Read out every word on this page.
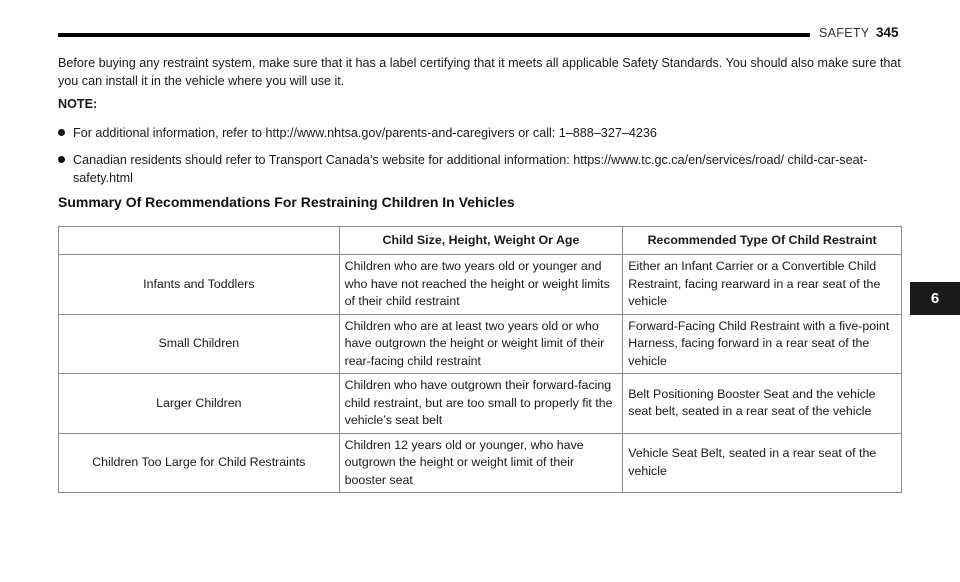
SAFETY 345
Before buying any restraint system, make sure that it has a label certifying that it meets all applicable Safety Standards. You should also make sure that you can install it in the vehicle where you will use it.
NOTE:
For additional information, refer to http://www.nhtsa.gov/parents-and-caregivers or call: 1–888–327–4236
Canadian residents should refer to Transport Canada’s website for additional information: https://www.tc.gc.ca/en/services/road/ child-car-seat-safety.html
Summary Of Recommendations For Restraining Children In Vehicles
	Child Size, Height, Weight Or Age	Recommended Type Of Child Restraint
Infants and Toddlers	Children who are two years old or younger and who have not reached the height or weight limits of their child restraint	Either an Infant Carrier or a Convertible Child Restraint, facing rearward in a rear seat of the vehicle
Small Children	Children who are at least two years old or who have outgrown the height or weight limit of their rear-facing child restraint	Forward-Facing Child Restraint with a five-point Harness, facing forward in a rear seat of the vehicle
Larger Children	Children who have outgrown their forward-facing child restraint, but are too small to properly fit the vehicle’s seat belt	Belt Positioning Booster Seat and the vehicle seat belt, seated in a rear seat of the vehicle
Children Too Large for Child Restraints	Children 12 years old or younger, who have outgrown the height or weight limit of their booster seat	Vehicle Seat Belt, seated in a rear seat of the vehicle
6
